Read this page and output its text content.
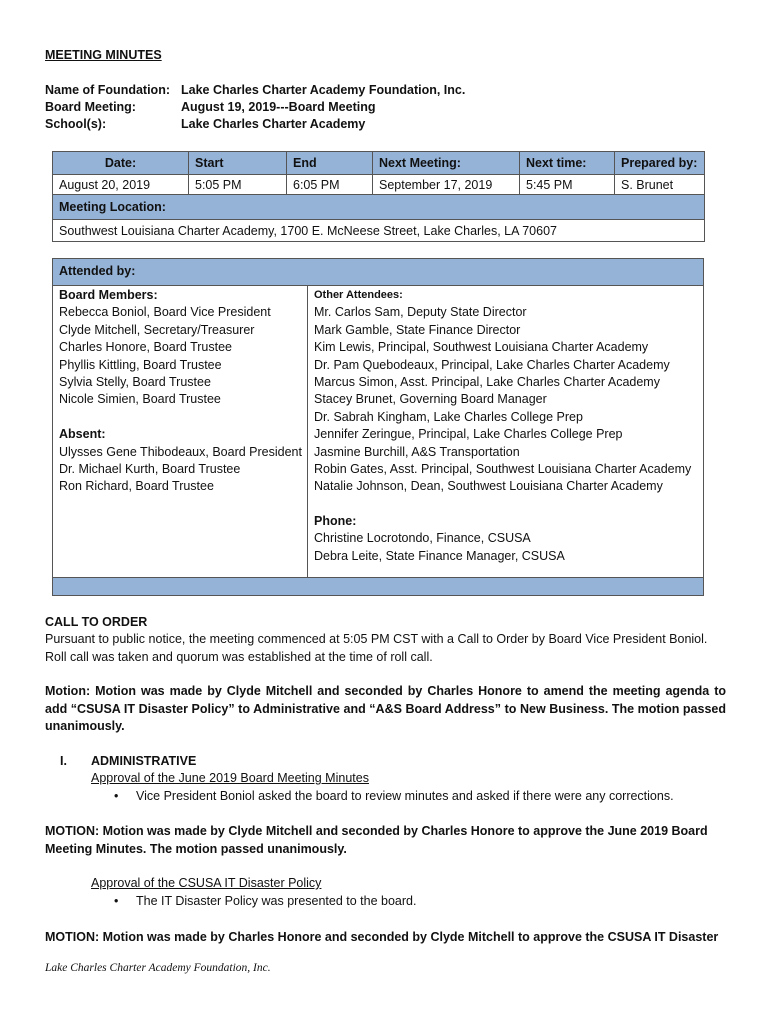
MEETING MINUTES
Name of Foundation: Lake Charles Charter Academy Foundation, Inc.
Board Meeting:	August 19, 2019---Board Meeting
School(s):	Lake Charles Charter Academy
Date:	Start	End	Next Meeting:	Next time:	Prepared by:
August 20, 2019	5:05 PM	6:05 PM	September 17, 2019	5:45 PM	S. Brunet
Meeting Location:					
Southwest Louisiana Charter Academy, 1700 E. McNeese Street, Lake Charles, LA 70607					
Attended by:
Board Members:
Rebecca Boniol, Board Vice President
Clyde Mitchell, Secretary/Treasurer
Charles Honore, Board Trustee
Phyllis Kittling, Board Trustee
Sylvia Stelly, Board Trustee
Nicole Simien, Board Trustee
Absent:
Ulysses Gene Thibodeaux, Board President
Dr. Michael Kurth, Board Trustee
Ron Richard, Board Trustee
Other Attendees:
Mr. Carlos Sam, Deputy State Director
Mark Gamble, State Finance Director
Kim Lewis, Principal, Southwest Louisiana Charter Academy
Dr. Pam Quebodeaux, Principal, Lake Charles Charter Academy
Marcus Simon, Asst. Principal, Lake Charles Charter Academy
Stacey Brunet, Governing Board Manager
Dr. Sabrah Kingham, Lake Charles College Prep
Jennifer Zeringue, Principal, Lake Charles College Prep
Jasmine Burchill, A&S Transportation
Robin Gates, Asst. Principal, Southwest Louisiana Charter Academy
Natalie Johnson, Dean, Southwest Louisiana Charter Academy
Phone:
Christine Locrotondo, Finance, CSUSA
Debra Leite, State Finance Manager, CSUSA
CALL TO ORDER
Pursuant to public notice, the meeting commenced at 5:05 PM CST with a Call to Order by Board Vice President Boniol. Roll call was taken and quorum was established at the time of roll call.
Motion: Motion was made by Clyde Mitchell and seconded by Charles Honore to amend the meeting agenda to add “CSUSA IT Disaster Policy” to Administrative and “A&S Board Address” to New Business. The motion passed unanimously.
I. ADMINISTRATIVE
Approval of the June 2019 Board Meeting Minutes
• Vice President Boniol asked the board to review minutes and asked if there were any corrections.
MOTION: Motion was made by Clyde Mitchell and seconded by Charles Honore to approve the June 2019 Board Meeting Minutes. The motion passed unanimously.
Approval of the CSUSA IT Disaster Policy
• The IT Disaster Policy was presented to the board.
MOTION: Motion was made by Charles Honore and seconded by Clyde Mitchell to approve the CSUSA IT Disaster
Lake Charles Charter Academy Foundation, Inc.
